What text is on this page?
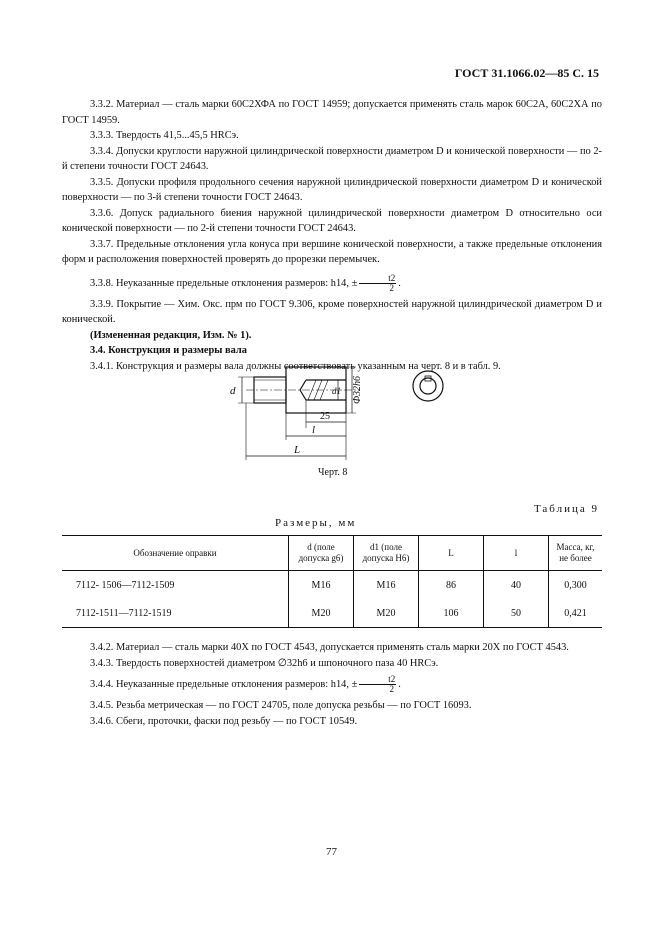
ГОСТ 31.1066.02—85 С. 15

3.3.2. Материал — сталь марки 60С2ХФА по ГОСТ 14959; допускается применять сталь марок 60С2А, 60С2ХА по ГОСТ 14959.

3.3.3. Твердость 41,5...45,5 HRCэ.

3.3.4. Допуски круглости наружной цилиндрической поверхности диаметром D и конической поверхности — по 2-й степени точности ГОСТ 24643.

3.3.5. Допуски профиля продольного сечения наружной цилиндрической поверхности диаметром D и конической поверхности — по 3-й степени точности ГОСТ 24643.

3.3.6. Допуск радиального биения наружной цилиндрической поверхности диаметром D относительно оси конической поверхности — по 2-й степени точности ГОСТ 24643.

3.3.7. Предельные отклонения угла конуса при вершине конической поверхности, а также предельные отклонения форм и расположения поверхностей проверять до прорезки перемычек.

3.3.8. Неуказанные предельные отклонения размеров: h14, ± $\frac{t2}{2}$ .

3.3.9. Покрытие — Хим. Окс. прм по ГОСТ 9.306, кроме поверхностей наружной цилиндрической диаметром D и конической.

(Измененная редакция, Изм. № 1).

3.4. Конструкция и размеры вала

3.4.1. Конструкция и размеры вала должны соответствовать указанным на черт. 8 и в табл. 9.

d	d1 Ф32h6
25
l
L
Черт. 8
Таблица 9
Размеры, мм
Обозначение оправки	d (поле допуска g6)	d1 (поле допуска H6)	L	l	Масса, кг, не более
7112- 1506—7112-1509	M16	M16	86	40	0,300
7112-1511—7112-1519	M20	M20	106	50	0,421

3.4.2. Материал — сталь марки 40Х по ГОСТ 4543, допускается применять сталь марки 20Х по ГОСТ 4543.

3.4.3. Твердость поверхностей диаметром ∅32h6 и шпоночного паза 40 HRCэ.

3.4.4. Неуказанные предельные отклонения размеров: h14, ± $\frac{t2}{2}$ .

3.4.5. Резьба метрическая — по ГОСТ 24705, поле допуска резьбы — по ГОСТ 16093.

3.4.6. Сбеги, проточки, фаски под резьбу — по ГОСТ 10549.

77
